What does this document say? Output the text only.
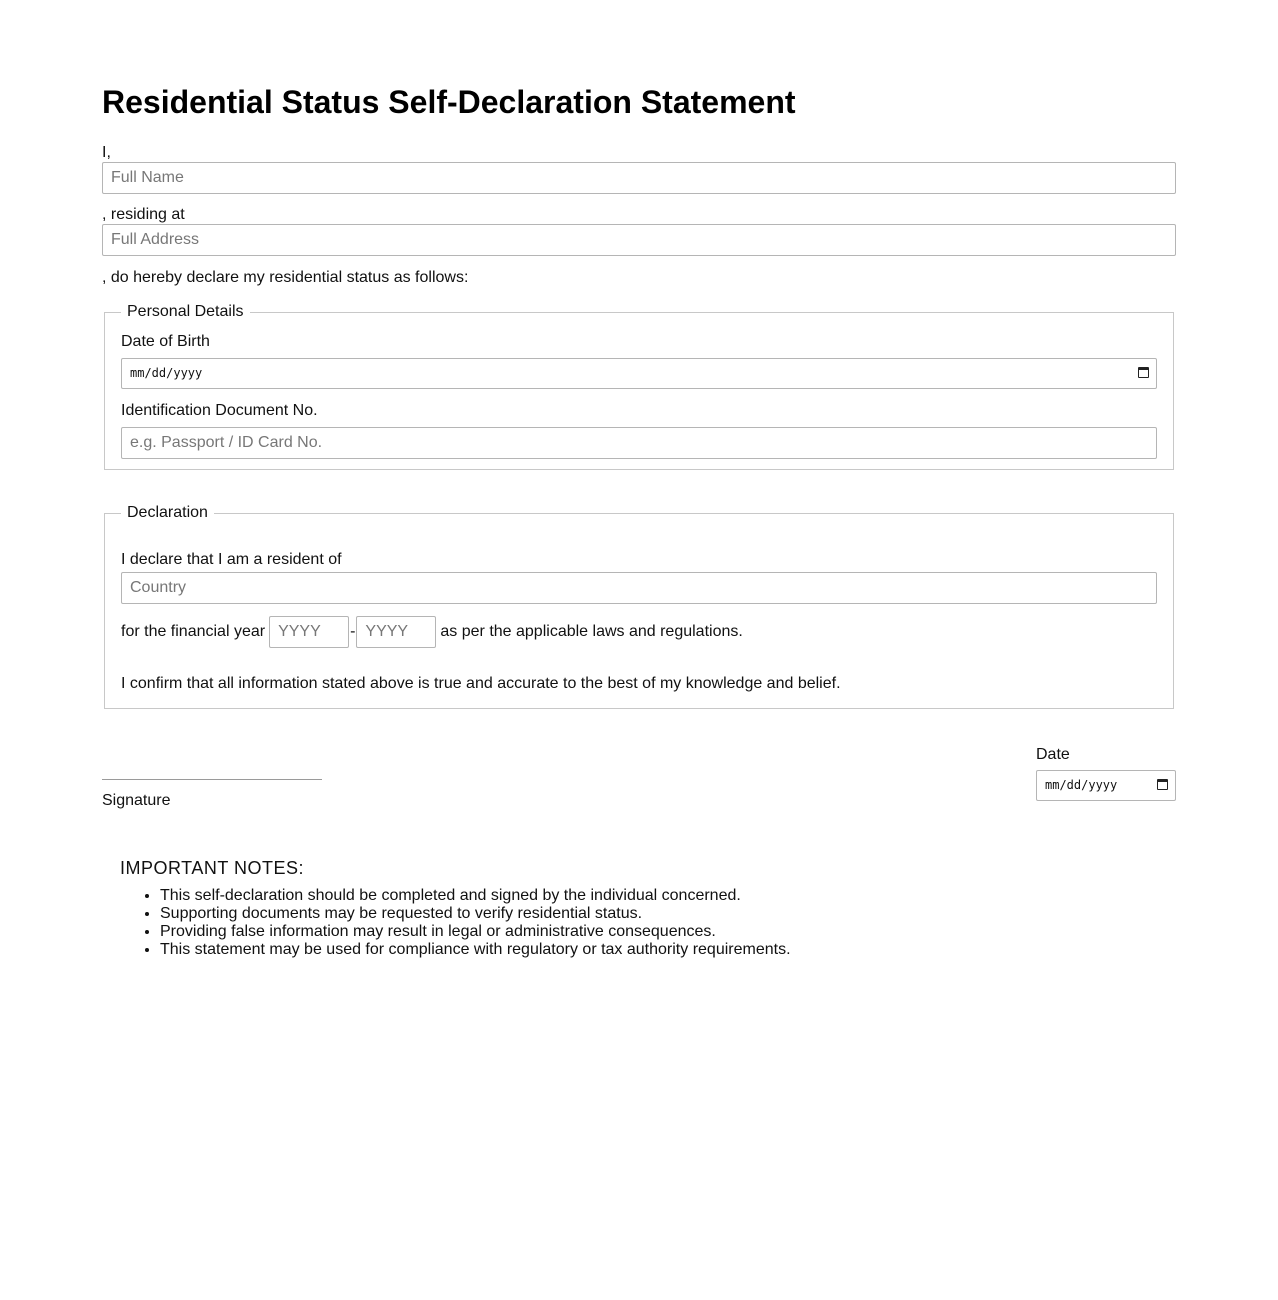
Residential Status Self-Declaration Statement
I,
Full Name
, residing at
Full Address
, do hereby declare my residential status as follows:
Personal Details
Date of Birth
mm/dd/yyyy
Identification Document No.
e.g. Passport / ID Card No.
Declaration
I declare that I am a resident of
Country
for the financial year
YYYY	-
YYYY	as per the applicable laws and regulations.
I confirm that all information stated above is true and accurate to the best of my knowledge and belief.
Signature
Date
mm/dd/yyyy
IMPORTANT NOTES:
• This self-declaration should be completed and signed by the individual concerned.
• Supporting documents may be requested to verify residential status.
• Providing false information may result in legal or administrative consequences.
• This statement may be used for compliance with regulatory or tax authority requirements.
